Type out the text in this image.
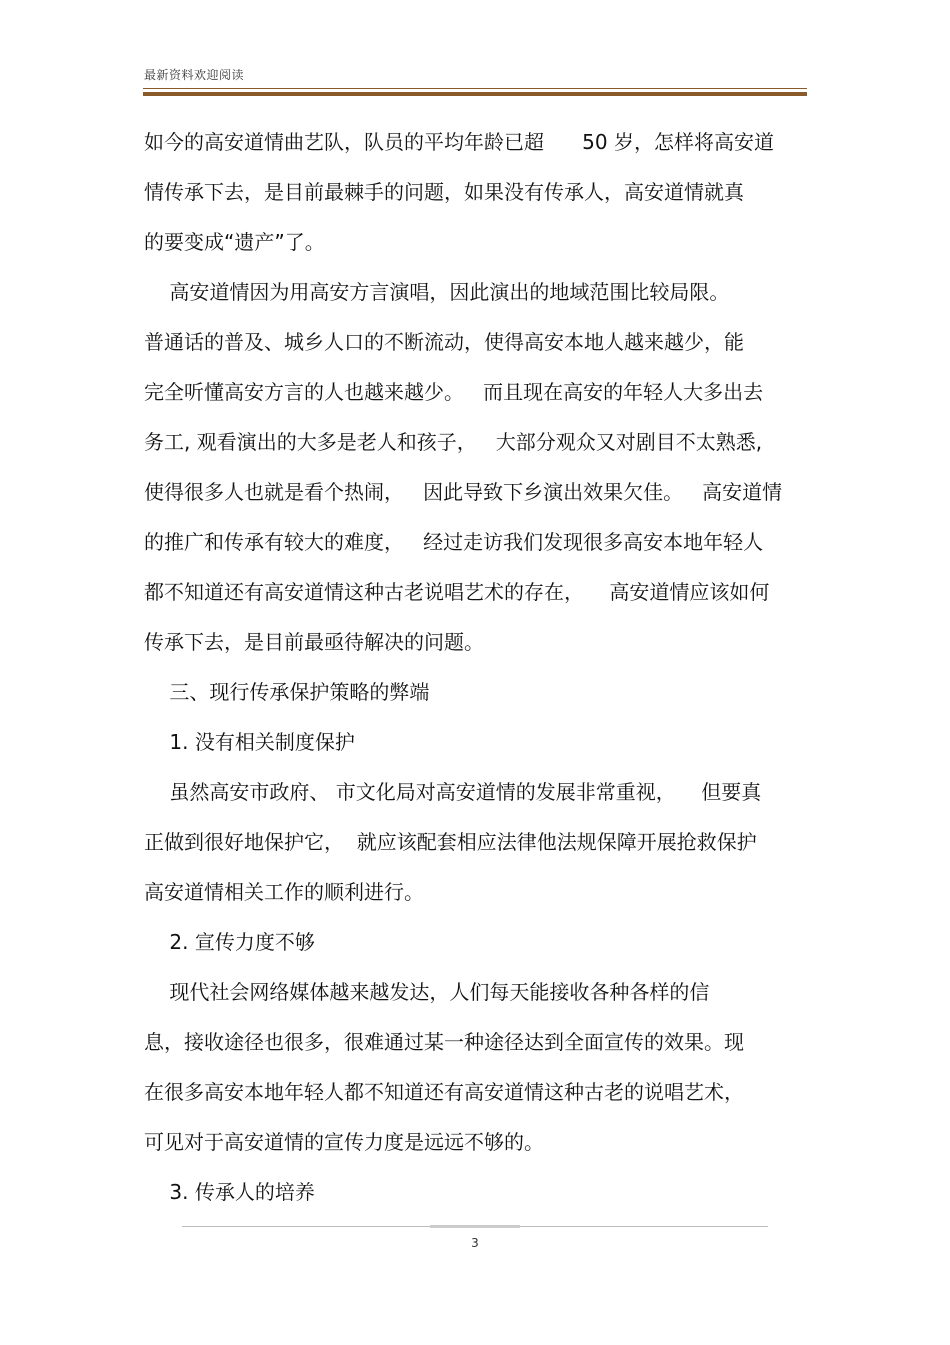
最新资料欢迎阅读
如今的高安道情曲艺队，队员的平均年龄已超      50 岁，怎样将高安道
情传承下去，是目前最棘手的问题，如果没有传承人，高安道情就真
的要变成“遗产”了。
高安道情因为用高安方言演唱，因此演出的地域范围比较局限。
普通话的普及、城乡人口的不断流动，使得高安本地人越来越少，能
完全听懂高安方言的人也越来越少。   而且现在高安的年轻人大多出去
务工, 观看演出的大多是老人和孩子，   大部分观众又对剧目不太熟悉,
使得很多人也就是看个热闹，   因此导致下乡演出效果欠佳。   高安道情
的推广和传承有较大的难度，   经过走访我们发现很多高安本地年轻人
都不知道还有高安道情这种古老说唱艺术的存在，    高安道情应该如何
传承下去，是目前最亟待解决的问题。
三、现行传承保护策略的弊端
1. 没有相关制度保护
虽然高安市政府、 市文化局对高安道情的发展非常重视，    但要真
正做到很好地保护它，  就应该配套相应法律他法规保障开展抢救保护
高安道情相关工作的顺利进行。
2. 宣传力度不够
现代社会网络媒体越来越发达，人们每天能接收各种各样的信
息，接收途径也很多，很难通过某一种途径达到全面宣传的效果。现
在很多高安本地年轻人都不知道还有高安道情这种古老的说唱艺术，
可见对于高安道情的宣传力度是远远不够的。
3. 传承人的培养
3
